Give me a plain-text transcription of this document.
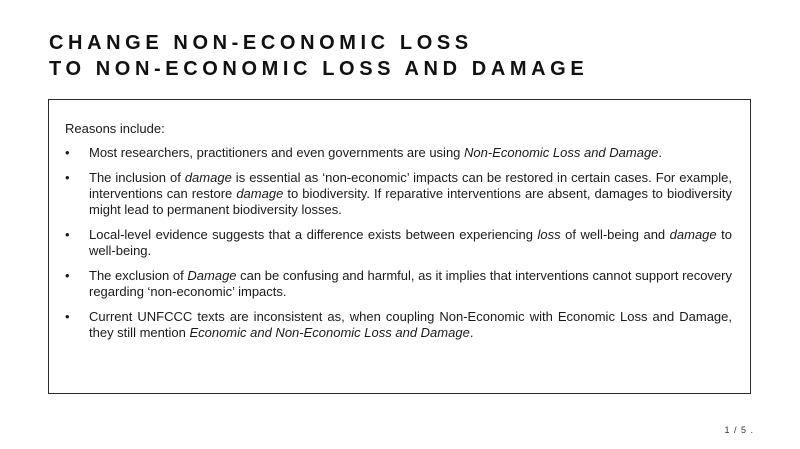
CHANGE NON-ECONOMIC LOSS
TO NON-ECONOMIC LOSS AND DAMAGE

Reasons include:

•	Most researchers, practitioners and even governments are using Non-Economic Loss and Damage.
•	The inclusion of damage is essential as ‘non-economic’ impacts can be restored in certain cases. For example, interventions can restore damage to biodiversity. If reparative interventions are absent, damages to biodiversity might lead to permanent biodiversity losses.
•	Local-level evidence suggests that a difference exists between experiencing loss of well-being and damage to well-being.
•	The exclusion of Damage can be confusing and harmful, as it implies that interventions cannot support recovery regarding ‘non-economic’ impacts.
•	Current UNFCCC texts are inconsistent as, when coupling Non-Economic with Economic Loss and Damage, they still mention Economic and Non-Economic Loss and Damage.
1 / 5 .
